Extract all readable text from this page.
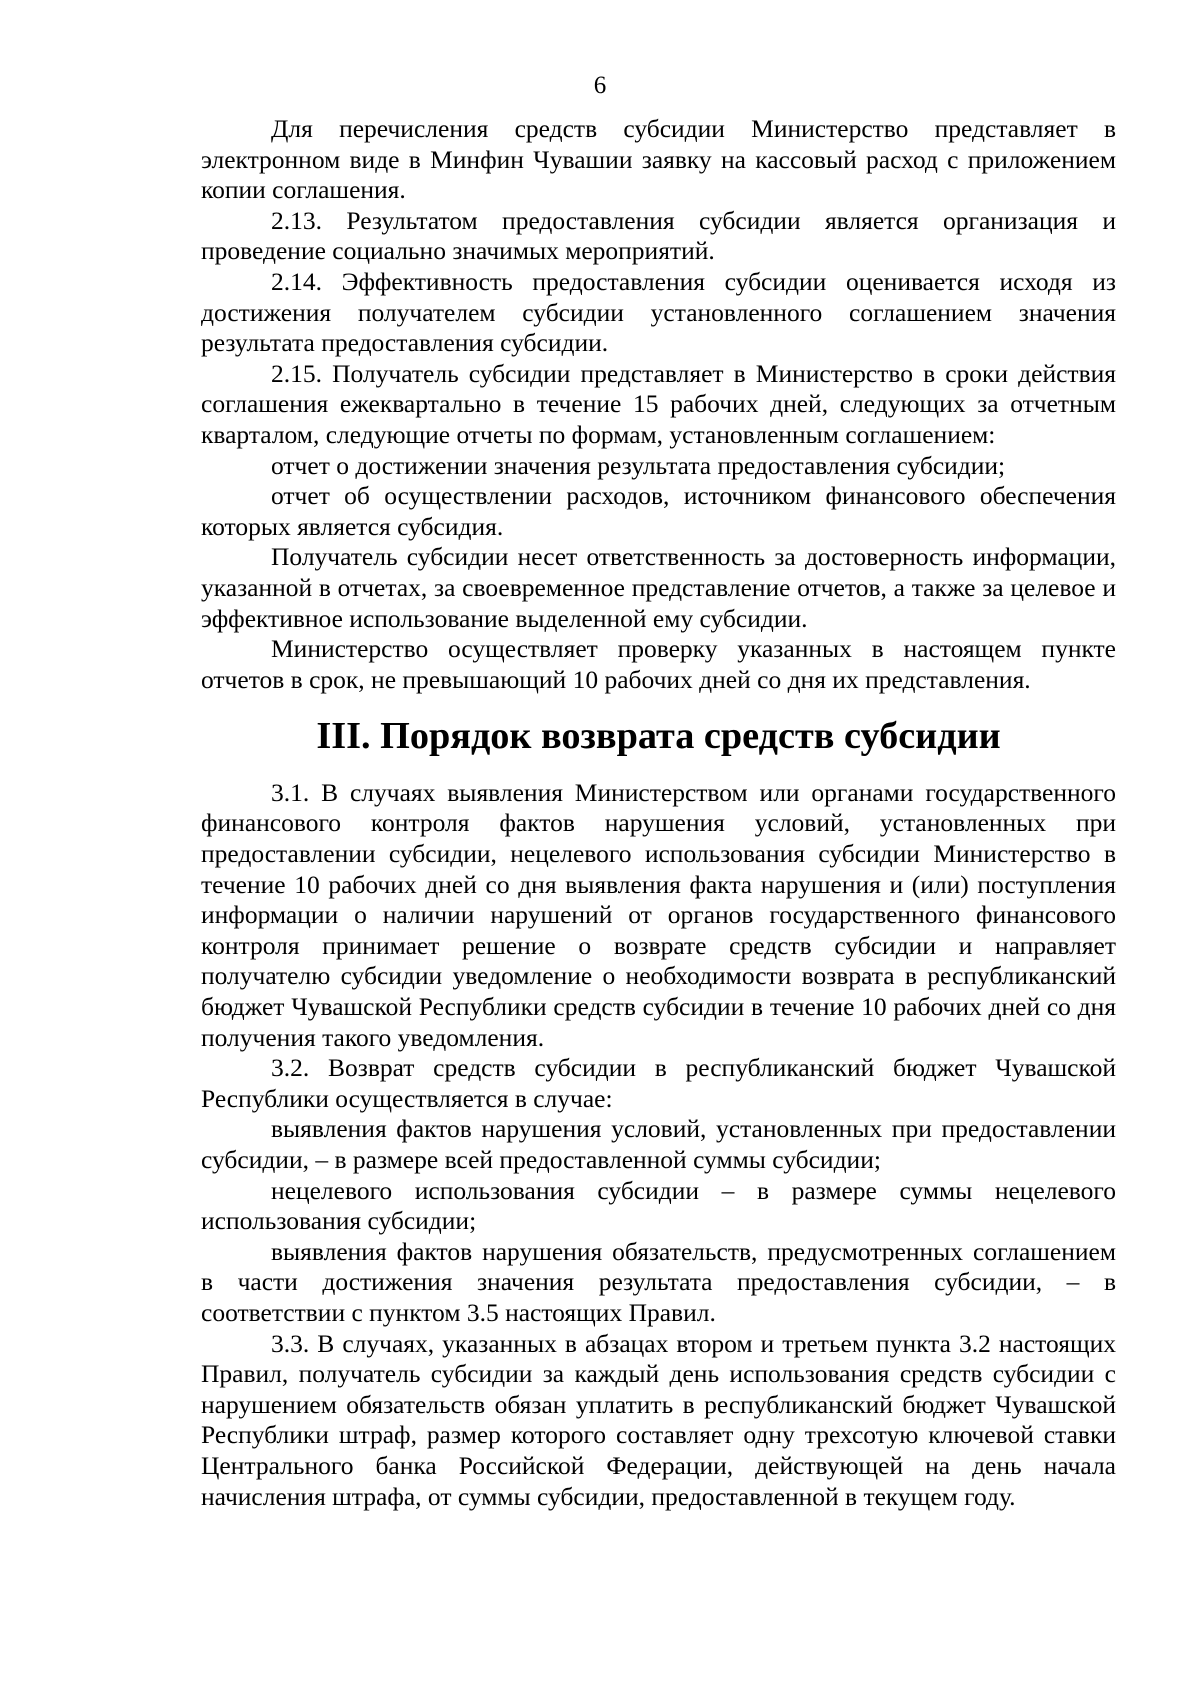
6

Для перечисления средств субсидии Министерство представляет в электронном виде в Минфин Чувашии заявку на кассовый расход с приложением копии соглашения.

2.13. Результатом предоставления субсидии является организация и проведение социально значимых мероприятий.

2.14. Эффективность предоставления субсидии оценивается исходя из достижения получателем субсидии установленного соглашением значения результата предоставления субсидии.

2.15. Получатель субсидии представляет в Министерство в сроки действия соглашения ежеквартально в течение 15 рабочих дней, следующих за отчетным кварталом, следующие отчеты по формам, установленным соглашением:

отчет о достижении значения результата предоставления субсидии;

отчет об осуществлении расходов, источником финансового обеспечения которых является субсидия.

Получатель субсидии несет ответственность за достоверность информации, указанной в отчетах, за своевременное представление отчетов, а также за целевое и эффективное использование выделенной ему субсидии.

Министерство осуществляет проверку указанных в настоящем пункте отчетов в срок, не превышающий 10 рабочих дней со дня их представления.

III. Порядок возврата средств субсидии

3.1. В случаях выявления Министерством или органами государственного финансового контроля фактов нарушения условий, установленных при предоставлении субсидии, нецелевого использования субсидии Министерство в течение 10 рабочих дней со дня выявления факта нарушения и (или) поступления информации о наличии нарушений от органов государственного финансового контроля принимает решение о возврате средств субсидии и направляет получателю субсидии уведомление о необходимости возврата в республиканский бюджет Чувашской Республики средств субсидии в течение 10 рабочих дней со дня получения такого уведомления.

3.2. Возврат средств субсидии в республиканский бюджет Чувашской Республики осуществляется в случае:

выявления фактов нарушения условий, установленных при предоставлении субсидии, – в размере всей предоставленной суммы субсидии;

нецелевого использования субсидии – в размере суммы нецелевого использования субсидии;

выявления фактов нарушения обязательств, предусмотренных соглашением в части достижения значения результата предоставления субсидии, – в соответствии с пунктом 3.5 настоящих Правил.

3.3. В случаях, указанных в абзацах втором и третьем пункта 3.2 настоящих Правил, получатель субсидии за каждый день использования средств субсидии с нарушением обязательств обязан уплатить в республиканский бюджет Чувашской Республики штраф, размер которого составляет одну трехсотую ключевой ставки Центрального банка Российской Федерации, действующей на день начала начисления штрафа, от суммы субсидии, предоставленной в текущем году.
